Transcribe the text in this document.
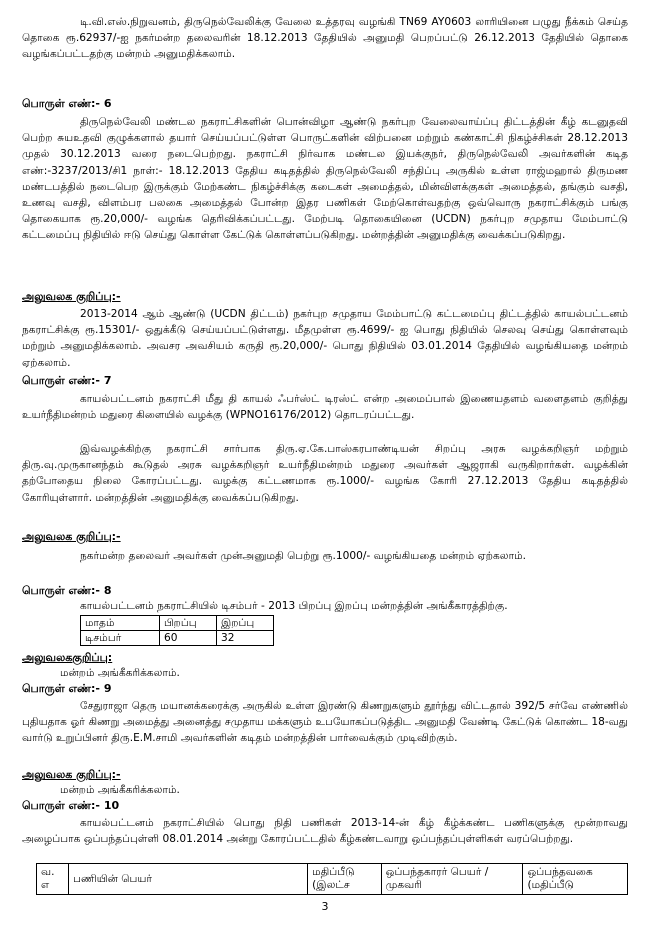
டி.வி.எஸ்.நிறுவனம், திருநெல்வேலிக்கு வேலை உத்தரவு வழங்கி TN69 AY0603 லாரியினை பழுது நீக்கம் செய்த தொகை ரூ.62937/-ஐ நகர்மன்ற தலைவரின் 18.12.2013 தேதியில் அனுமதி பெறப்பட்டு 26.12.2013 தேதியில் தொகை வழங்கப்பட்டதற்கு மன்றம் அனுமதிக்கலாம்.

பொருள் எண்:- 6

திருநெல்வேலி மண்டல நகராட்சிகளின் பொன்விழா ஆண்டு நகர்புற வேலைவாய்ப்பு திட்டத்தின் கீழ் கடனுதவி பெற்ற சுயஉதவி குழுக்களால் தயார் செய்யப்பட்டுள்ள பொருட்களின் விற்பனை மற்றும் கண்காட்சி நிகழ்ச்சிகள் 28.12.2013 முதல் 30.12.2013 வரை நடைபெற்றது. நகராட்சி நிர்வாக மண்டல இயக்குநர், திருநெல்வேலி அவர்களின் கடித எண்:-3237/2013/சி1 நாள்:- 18.12.2013 தேதிய கடிதத்தில் திருநெல்வேலி சந்திப்பு அருகில் உள்ள ராஜ்மஹால் திருமண மண்டபத்தில் நடைபெற இருக்கும் மேற்கண்ட நிகழ்ச்சிக்கு கடைகள் அமைத்தல், மின்விளக்குகள் அமைத்தல், தங்கும் வசதி, உணவு வசதி, விளம்பர பலகை அமைத்தல் போன்ற இதர பணிகள் மேற்கொள்வதற்கு ஒவ்வொரு நகராட்சிக்கும் பங்கு தொகையாக ரூ.20,000/- வழங்க தெரிவிக்கப்பட்டது. மேற்படி தொகையினை (UCDN) நகர்புற சமுதாய மேம்பாட்டு கட்டமைப்பு நிதியில் ஈடு செய்து கொள்ள கேட்டுக் கொள்ளப்படுகிறது. மன்றத்தின் அனுமதிக்கு வைக்கப்படுகிறது.

அலுவலக குறிப்பு:-

2013-2014 ஆம் ஆண்டு (UCDN திட்டம்) நகர்புற சமுதாய மேம்பாட்டு கட்டமைப்பு திட்டத்தில் காயல்பட்டனம் நகராட்சிக்கு ரூ.15301/- ஒதுக்கீடு செய்யப்பட்டுள்ளது. மீதமுள்ள ரூ.4699/- ஐ பொது நிதியில் செலவு செய்து கொள்ளவும் மற்றும் அனுமதிக்கலாம். அவசர அவசியம் கருதி ரூ.20,000/- பொது நிதியில் 03.01.2014 தேதியில் வழங்கியதை மன்றம் ஏற்கலாம்.

பொருள் எண்:- 7

காயல்பட்டனம் நகராட்சி மீது தி காயல் ஃபர்ஸ்ட் டிரஸ்ட் என்ற அமைப்பால் இணையதளம் வளைதளம் குறித்து உயர்நீதிமன்றம் மதுரை கிளையில் வழக்கு (WPNO16176/2012) தொடரப்பட்டது.

இவ்வழக்கிற்கு நகராட்சி சார்பாக திரு.ஏ.கே.பாஸ்கரபாண்டியன் சிறப்பு அரசு வழக்கறிஞர் மற்றும் திரு.வு.முருகானந்தம் கூடுதல் அரசு வழக்கறிஞர் உயர்நீதிமன்றம் மதுரை அவர்கள் ஆஜராகி வருகிறார்கள். வழக்கின் தற்போதைய நிலை கோரப்பட்டது. வழக்கு கட்டணமாக ரூ.1000/- வழங்க கோரி 27.12.2013 தேதிய கடிதத்தில் கோரியுள்ளார். மன்றத்தின் அனுமதிக்கு வைக்கப்படுகிறது.

அலுவலக குறிப்பு:-

நகர்மன்ற தலைவர் அவர்கள் முன்அனுமதி பெற்று ரூ.1000/- வழங்கியதை மன்றம் ஏற்கலாம்.

பொருள் எண்:- 8

காயல்பட்டனம் நகராட்சியில் டிசம்பர் - 2013 பிறப்பு இறப்பு மன்றத்தின் அங்கீகாரத்திற்கு.

மாதம்	பிறப்பு	இறப்பு
டிசம்பர்	60	32

அலுவலககுறிப்பு:

மன்றம் அங்கீகரிக்கலாம்.

பொருள் எண்:- 9

சேதுராஜா தெரு மயானக்கரைக்கு அருகில் உள்ள இரண்டு கிணறுகளும் தூர்ந்து விட்டதால் 392/5 சர்வே எண்ணில் புதியதாக ஓர் கிணறு அமைத்து அனைத்து சமுதாய மக்களும் உபயோகப்படுத்திட அனுமதி வேண்டி கேட்டுக் கொண்ட 18-வது வார்டு உறுப்பினர் திரு.E.M.சாமி அவர்களின் கடிதம் மன்றத்தின் பார்வைக்கும் முடிவிற்கும்.

அலுவலக குறிப்பு:-

மன்றம் அங்கீகரிக்கலாம்.

பொருள் எண்:- 10

காயல்பட்டனம் நகராட்சியில் பொது நிதி பணிகள் 2013-14-ன் கீழ் கீழ்க்கண்ட பணிகளுக்கு மூன்றாவது அழைப்பாக ஒப்பந்தப்புள்ளி 08.01.2014 அன்று கோரப்பட்டதில் கீழ்கண்டவாறு ஒப்பந்தப்புள்ளிகள் வரப்பெற்றது.

வ. எ	பணியின் பெயர்	மதிப்பீடு (இலட்ச	ஒப்பந்தகாரர் பெயர் / முகவரி	ஒப்பந்தவகை (மதிப்பீடு
3
